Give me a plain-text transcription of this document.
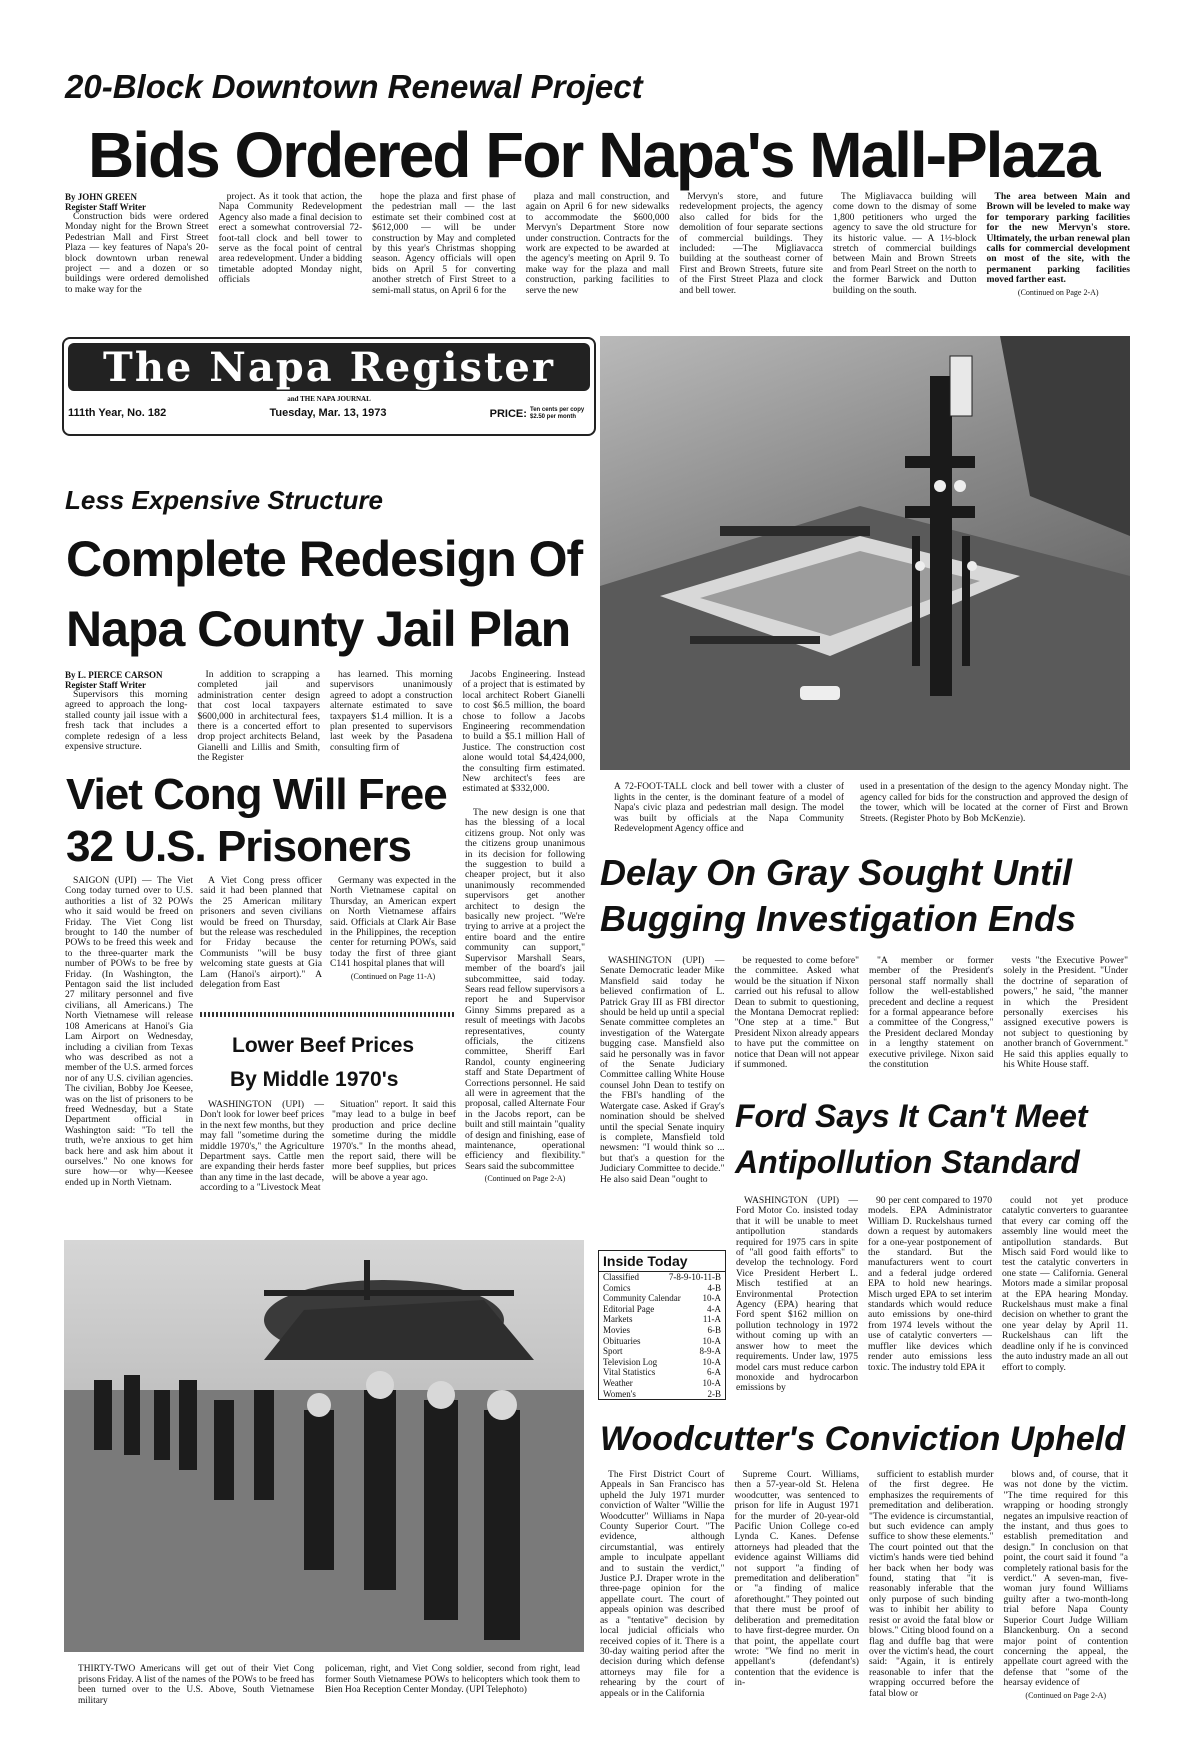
20-Block Downtown Renewal Project
Bids Ordered For Napa's Mall-Plaza
By JOHN GREEN
Register Staff Writer

Construction bids were ordered Monday night for the Brown Street Pedestrian Mall and First Street Plaza — key features of Napa's 20-block downtown urban renewal project — and a dozen or so buildings were ordered demolished to make way for the

project. As it took that action, the Napa Community Redevelopment Agency also made a final decision to erect a somewhat controversial 72-foot-tall clock and bell tower to serve as the focal point of central area redevelopment. Under a bidding timetable adopted Monday night, officials

hope the plaza and first phase of the pedestrian mall — the last estimate set their combined cost at $612,000 — will be under construction by May and completed by this year's Christmas shopping season. Agency officials will open bids on April 5 for converting another stretch of First Street to a semi-mall status, on April 6 for the

plaza and mall construction, and again on April 6 for new sidewalks to accommodate the $600,000 Mervyn's Department Store now under construction. Contracts for the work are expected to be awarded at the agency's meeting on April 9. To make way for the plaza and mall construction, parking facilities to serve the new

Mervyn's store, and future redevelopment projects, the agency also called for bids for the demolition of four separate sections of commercial buildings. They included: —The Migliavacca building at the southeast corner of First and Brown Streets, future site of the First Street Plaza and clock and bell tower.

The Migliavacca building will come down to the dismay of some 1,800 petitioners who urged the agency to save the old structure for its historic value. — A 1½-block stretch of commercial buildings between Main and Brown Streets and from Pearl Street on the north to the former Barwick and Dutton building on the south.

The area between Main and Brown will be leveled to make way for temporary parking facilities for the new Mervyn's store. Ultimately, the urban renewal plan calls for commercial development on most of the site, with the permanent parking facilities moved farther east.

(Continued on Page 2-A)
The Napa Register
and THE NAPA JOURNAL
111th Year, No. 182	Tuesday, Mar. 13, 1973	PRICE: Ten cents per copy $2.50 per month
A 72-FOOT-TALL clock and bell tower with a cluster of lights in the center, is the dominant feature of a model of Napa's civic plaza and pedestrian mall design. The model was built by officials at the Napa Community Redevelopment Agency office and
used in a presentation of the design to the agency Monday night. The agency called for bids for the construction and approved the design of the tower, which will be located at the corner of First and Brown Streets. (Register Photo by Bob McKenzie).
Less Expensive Structure
Complete Redesign Of
Napa County Jail Plan
By L. PIERCE CARSON
Register Staff Writer

Supervisors this morning agreed to approach the long-stalled county jail issue with a fresh tack that includes a complete redesign of a less expensive structure.

In addition to scrapping a completed jail and administration center design that cost local taxpayers $600,000 in architectural fees, there is a concerted effort to drop project architects Beland, Gianelli and Lillis and Smith, the Register

has learned. This morning supervisors unanimously agreed to adopt a construction alternate estimated to save taxpayers $1.4 million. It is a plan presented to supervisors last week by the Pasadena consulting firm of

Jacobs Engineering. Instead of a project that is estimated by local architect Robert Gianelli to cost $6.5 million, the board chose to follow a Jacobs Engineering recommendation to build a $5.1 million Hall of Justice. The construction cost alone would total $4,424,000, the consulting firm estimated. New architect's fees are estimated at $332,000.

The new design is one that has the blessing of a local citizens group. Not only was the citizens group unanimous in its decision for following the suggestion to build a cheaper project, but it also unanimously recommended supervisors get another architect to design the basically new project. "We're trying to arrive at a project the entire board and the entire community can support," Supervisor Marshall Sears, member of the board's jail subcommittee, said today. Sears read fellow supervisors a report he and Supervisor Ginny Simms prepared as a result of meetings with Jacobs representatives, county officials, the citizens committee, Sheriff Earl Randol, county engineering staff and State Department of Corrections personnel. He said all were in agreement that the proposal, called Alternate Four in the Jacobs report, can be built and still maintain "quality of design and finishing, ease of maintenance, operational efficiency and flexibility." Sears said the subcommittee

(Continued on Page 2-A)
Viet Cong Will Free
32 U.S. Prisoners

SAIGON (UPI) — The Viet Cong today turned over to U.S. authorities a list of 32 POWs who it said would be freed on Friday. The Viet Cong list brought to 140 the number of POWs to be freed this week and to the three-quarter mark the number of POWs to be free by Friday. (In Washington, the Pentagon said the list included 27 military personnel and five civilians, all Americans.) The North Vietnamese will release 108 Americans at Hanoi's Gia Lam Airport on Wednesday, including a civilian from Texas who was described as not a member of the U.S. armed forces nor of any U.S. civilian agencies. The civilian, Bobby Joe Keesee, was on the list of prisoners to be freed Wednesday, but a State Department official in Washington said: "To tell the truth, we're anxious to get him back here and ask him about it ourselves." No one knows for sure how—or why—Keesee ended up in North Vietnam.

A Viet Cong press officer said it had been planned that the 25 American military prisoners and seven civilians would be freed on Thursday, but the release was rescheduled for Friday because the Communists "will be busy welcoming state guests at Gia Lam (Hanoi's airport)." A delegation from East

Germany was expected in the North Vietnamese capital on Thursday, an American expert on North Vietnamese affairs said. Officials at Clark Air Base in the Philippines, the reception center for returning POWs, said today the first of three giant C141 hospital planes that will

(Continued on Page 11-A)
Lower Beef Prices
By Middle 1970's

WASHINGTON (UPI) — Don't look for lower beef prices in the next few months, but they may fall "sometime during the middle 1970's," the Agriculture Department says. Cattle men are expanding their herds faster than any time in the last decade, according to a "Livestock Meat

Situation" report. It said this "may lead to a bulge in beef production and price decline sometime during the middle 1970's." In the months ahead, the report said, there will be more beef supplies, but prices will be above a year ago.

THIRTY-TWO Americans will get out of their Viet Cong prisons Friday. A list of the names of the POWs to be freed has been turned over to the U.S. Above, South Vietnamese military
policeman, right, and Viet Cong soldier, second from right, lead former South Vietnamese POWs to helicopters which took them to Bien Hoa Reception Center Monday. (UPI Telephoto)
Delay On Gray Sought Until
Bugging Investigation Ends

WASHINGTON (UPI) — Senate Democratic leader Mike Mansfield said today he believed confirmation of L. Patrick Gray III as FBI director should be held up until a special Senate committee completes an investigation of the Watergate bugging case. Mansfield also said he personally was in favor of the Senate Judiciary Committee calling White House counsel John Dean to testify on the FBI's handling of the Watergate case. Asked if Gray's nomination should be shelved until the special Senate inquiry is complete, Mansfield told newsmen: "I would think so ... but that's a question for the Judiciary Committee to decide." He also said Dean "ought to

be requested to come before" the committee. Asked what would be the situation if Nixon carried out his refusal to allow Dean to submit to questioning, the Montana Democrat replied: "One step at a time." But President Nixon already appears to have put the committee on notice that Dean will not appear if summoned.

"A member or former member of the President's personal staff normally shall follow the well-established precedent and decline a request for a formal appearance before a committee of the Congress," the President declared Monday in a lengthy statement on executive privilege. Nixon said the constitution

vests "the Executive Power" solely in the President. "Under the doctrine of separation of powers," he said, "the manner in which the President personally exercises his assigned executive powers is not subject to questioning by another branch of Government." He said this applies equally to his White House staff.

Ford Says It Can't Meet
Antipollution Standard

WASHINGTON (UPI) — Ford Motor Co. insisted today that it will be unable to meet antipollution standards required for 1975 cars in spite of "all good faith efforts" to develop the technology. Ford Vice President Herbert L. Misch testified at an Environmental Protection Agency (EPA) hearing that Ford spent $162 million on pollution technology in 1972 without coming up with an answer how to meet the requirements. Under law, 1975 model cars must reduce carbon monoxide and hydrocarbon emissions by

90 per cent compared to 1970 models. EPA Administrator William D. Ruckelshaus turned down a request by automakers for a one-year postponement of the standard. But the manufacturers went to court and a federal judge ordered EPA to hold new hearings. Misch urged EPA to set interim standards which would reduce auto emissions by one-third from 1974 levels without the use of catalytic converters —muffler like devices which render auto emissions less toxic. The industry told EPA it

could not yet produce catalytic converters to guarantee that every car coming off the assembly line would meet the antipollution standards. But Misch said Ford would like to test the catalytic converters in one state — California. General Motors made a similar proposal at the EPA hearing Monday. Ruckelshaus must make a final decision on whether to grant the one year delay by April 11. Ruckelshaus can lift the deadline only if he is convinced the auto industry made an all out effort to comply.

Inside Today
Classified	7-8-9-10-11-B
Comics	4-B
Community Calendar 10-A
Editorial Page	4-A
Markets	11-A
Movies	6-B
Obituaries	10-A
Sport	8-9-A
Television Log	10-A
Vital Statistics	6-A
Weather	10-A
Women's	2-B
Woodcutter's Conviction Upheld

The First District Court of Appeals in San Francisco has upheld the July 1971 murder conviction of Walter "Willie the Woodcutter" Williams in Napa County Superior Court. "The evidence, although circumstantial, was entirely ample to inculpate appellant and to sustain the verdict," Justice P.J. Draper wrote in the three-page opinion for the appellate court. The court of appeals opinion was described as a "tentative" decision by local judicial officials who received copies of it. There is a 30-day waiting period after the decision during which defense attorneys may file for a rehearing by the court of appeals or in the California

Supreme Court. Williams, then a 57-year-old St. Helena woodcutter, was sentenced to prison for life in August 1971 for the murder of 20-year-old Pacific Union College co-ed Lynda C. Kanes. Defense attorneys had pleaded that the evidence against Williams did not support "a finding of premeditation and deliberation" or "a finding of malice aforethought." They pointed out that there must be proof of deliberation and premeditation to have first-degree murder. On that point, the appellate court wrote: "We find no merit in appellant's (defendant's) contention that the evidence is in-

sufficient to establish murder of the first degree. He emphasizes the requirements of premeditation and deliberation. "The evidence is circumstantial, but such evidence can amply suffice to show these elements." The court pointed out that the victim's hands were tied behind her back when her body was found, stating that "it is reasonably inferable that the only purpose of such binding was to inhibit her ability to resist or avoid the fatal blow or blows." Citing blood found on a flag and duffle bag that were over the victim's head, the court said: "Again, it is entirely reasonable to infer that the wrapping occurred before the fatal blow or

blows and, of course, that it was not done by the victim. "The time required for this wrapping or hooding strongly negates an impulsive reaction of the instant, and thus goes to establish premeditation and design." In conclusion on that point, the court said it found "a completely rational basis for the verdict." A seven-man, five-woman jury found Williams guilty after a two-month-long trial before Napa County Superior Court Judge William Blanckenburg. On a second major point of contention concerning the appeal, the appellate court agreed with the defense that "some of the hearsay evidence of

(Continued on Page 2-A)
